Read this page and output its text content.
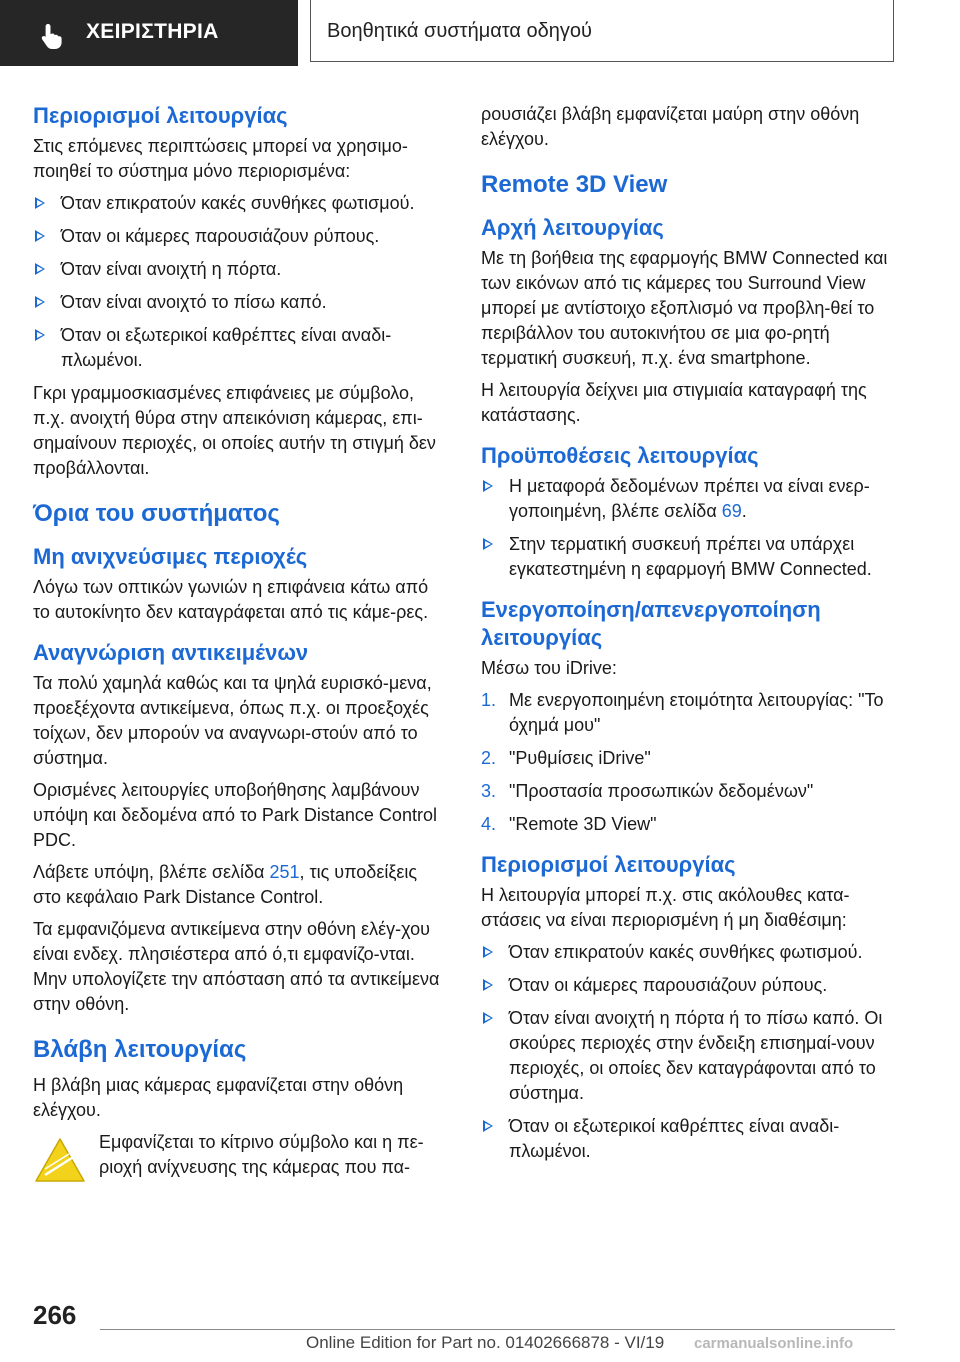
ΧΕΙΡΙΣΤΗΡΙΑ	Βοηθητικά συστήματα οδηγού
Περιορισμοί λειτουργίας

Στις επόμενες περιπτώσεις μπορεί να χρησιμο-ποιηθεί το σύστημα μόνο περιορισμένα:

Όταν επικρατούν κακές συνθήκες φωτισμού.
Όταν οι κάμερες παρουσιάζουν ρύπους.
Όταν είναι ανοιχτή η πόρτα.
Όταν είναι ανοιχτό το πίσω καπό.
Όταν οι εξωτερικοί καθρέπτες είναι αναδι-πλωμένοι.

Γκρι γραμμοσκιασμένες επιφάνειες με σύμβολο, π.χ. ανοιχτή θύρα στην απεικόνιση κάμερας, επι-σημαίνουν περιοχές, οι οποίες αυτήν τη στιγμή δεν προβάλλονται.

Όρια του συστήματος
Μη ανιχνεύσιμες περιοχές

Λόγω των οπτικών γωνιών η επιφάνεια κάτω από το αυτοκίνητο δεν καταγράφεται από τις κάμε-ρες.

Αναγνώριση αντικειμένων

Τα πολύ χαμηλά καθώς και τα ψηλά ευρισκό-μενα, προεξέχοντα αντικείμενα, όπως π.χ. οι προεξοχές τοίχων, δεν μπορούν να αναγνωρι-στούν από το σύστημα.

Ορισμένες λειτουργίες υποβοήθησης λαμβάνουν υπόψη και δεδομένα από το Park Distance Control PDC.

Λάβετε υπόψη, βλέπε σελίδα 251, τις υποδείξεις στο κεφάλαιο Park Distance Control.

Τα εμφανιζόμενα αντικείμενα στην οθόνη ελέγ-χου είναι ενδεχ. πλησιέστερα από ό,τι εμφανίζο-νται. Μην υπολογίζετε την απόσταση από τα αντικείμενα στην οθόνη.

Βλάβη λειτουργίας

Η βλάβη μιας κάμερας εμφανίζεται στην οθόνη ελέγχου.

Εμφανίζεται το κίτρινο σύμβολο και η πε-ριοχή ανίχνευσης της κάμερας που πα-

ρουσιάζει βλάβη εμφανίζεται μαύρη στην οθόνη ελέγχου.

Remote 3D View
Αρχή λειτουργίας

Με τη βοήθεια της εφαρμογής BMW Connected και των εικόνων από τις κάμερες του Surround View μπορεί με αντίστοιχο εξοπλισμό να προβλη-θεί το περιβάλλον του αυτοκινήτου σε μια φο-ρητή τερματική συσκευή, π.χ. ένα smartphone.

Η λειτουργία δείχνει μια στιγμιαία καταγραφή της κατάστασης.

Προϋποθέσεις λειτουργίας
Η μεταφορά δεδομένων πρέπει να είναι ενερ-γοποιημένη, βλέπε σελίδα 69.
Στην τερματική συσκευή πρέπει να υπάρχει εγκατεστημένη η εφαρμογή BMW Connected.
Ενεργοποίηση/απενεργοποίηση λειτουργίας

Μέσω του iDrive:

1. Με ενεργοποιημένη ετοιμότητα λειτουργίας: "Το όχημά μου"
2. "Ρυθμίσεις iDrive"
3. "Προστασία προσωπικών δεδομένων"
4. "Remote 3D View"
Περιορισμοί λειτουργίας

Η λειτουργία μπορεί π.χ. στις ακόλουθες κατα-στάσεις να είναι περιορισμένη ή μη διαθέσιμη:

Όταν επικρατούν κακές συνθήκες φωτισμού.
Όταν οι κάμερες παρουσιάζουν ρύπους.
Όταν είναι ανοιχτή η πόρτα ή το πίσω καπό. Οι σκούρες περιοχές στην ένδειξη επισημαί-νουν περιοχές, οι οποίες δεν καταγράφονται από το σύστημα.
Όταν οι εξωτερικοί καθρέπτες είναι αναδι-πλωμένοι.
266
Online Edition for Part no. 01402666878 - VI/19 carmanualsonline.info
